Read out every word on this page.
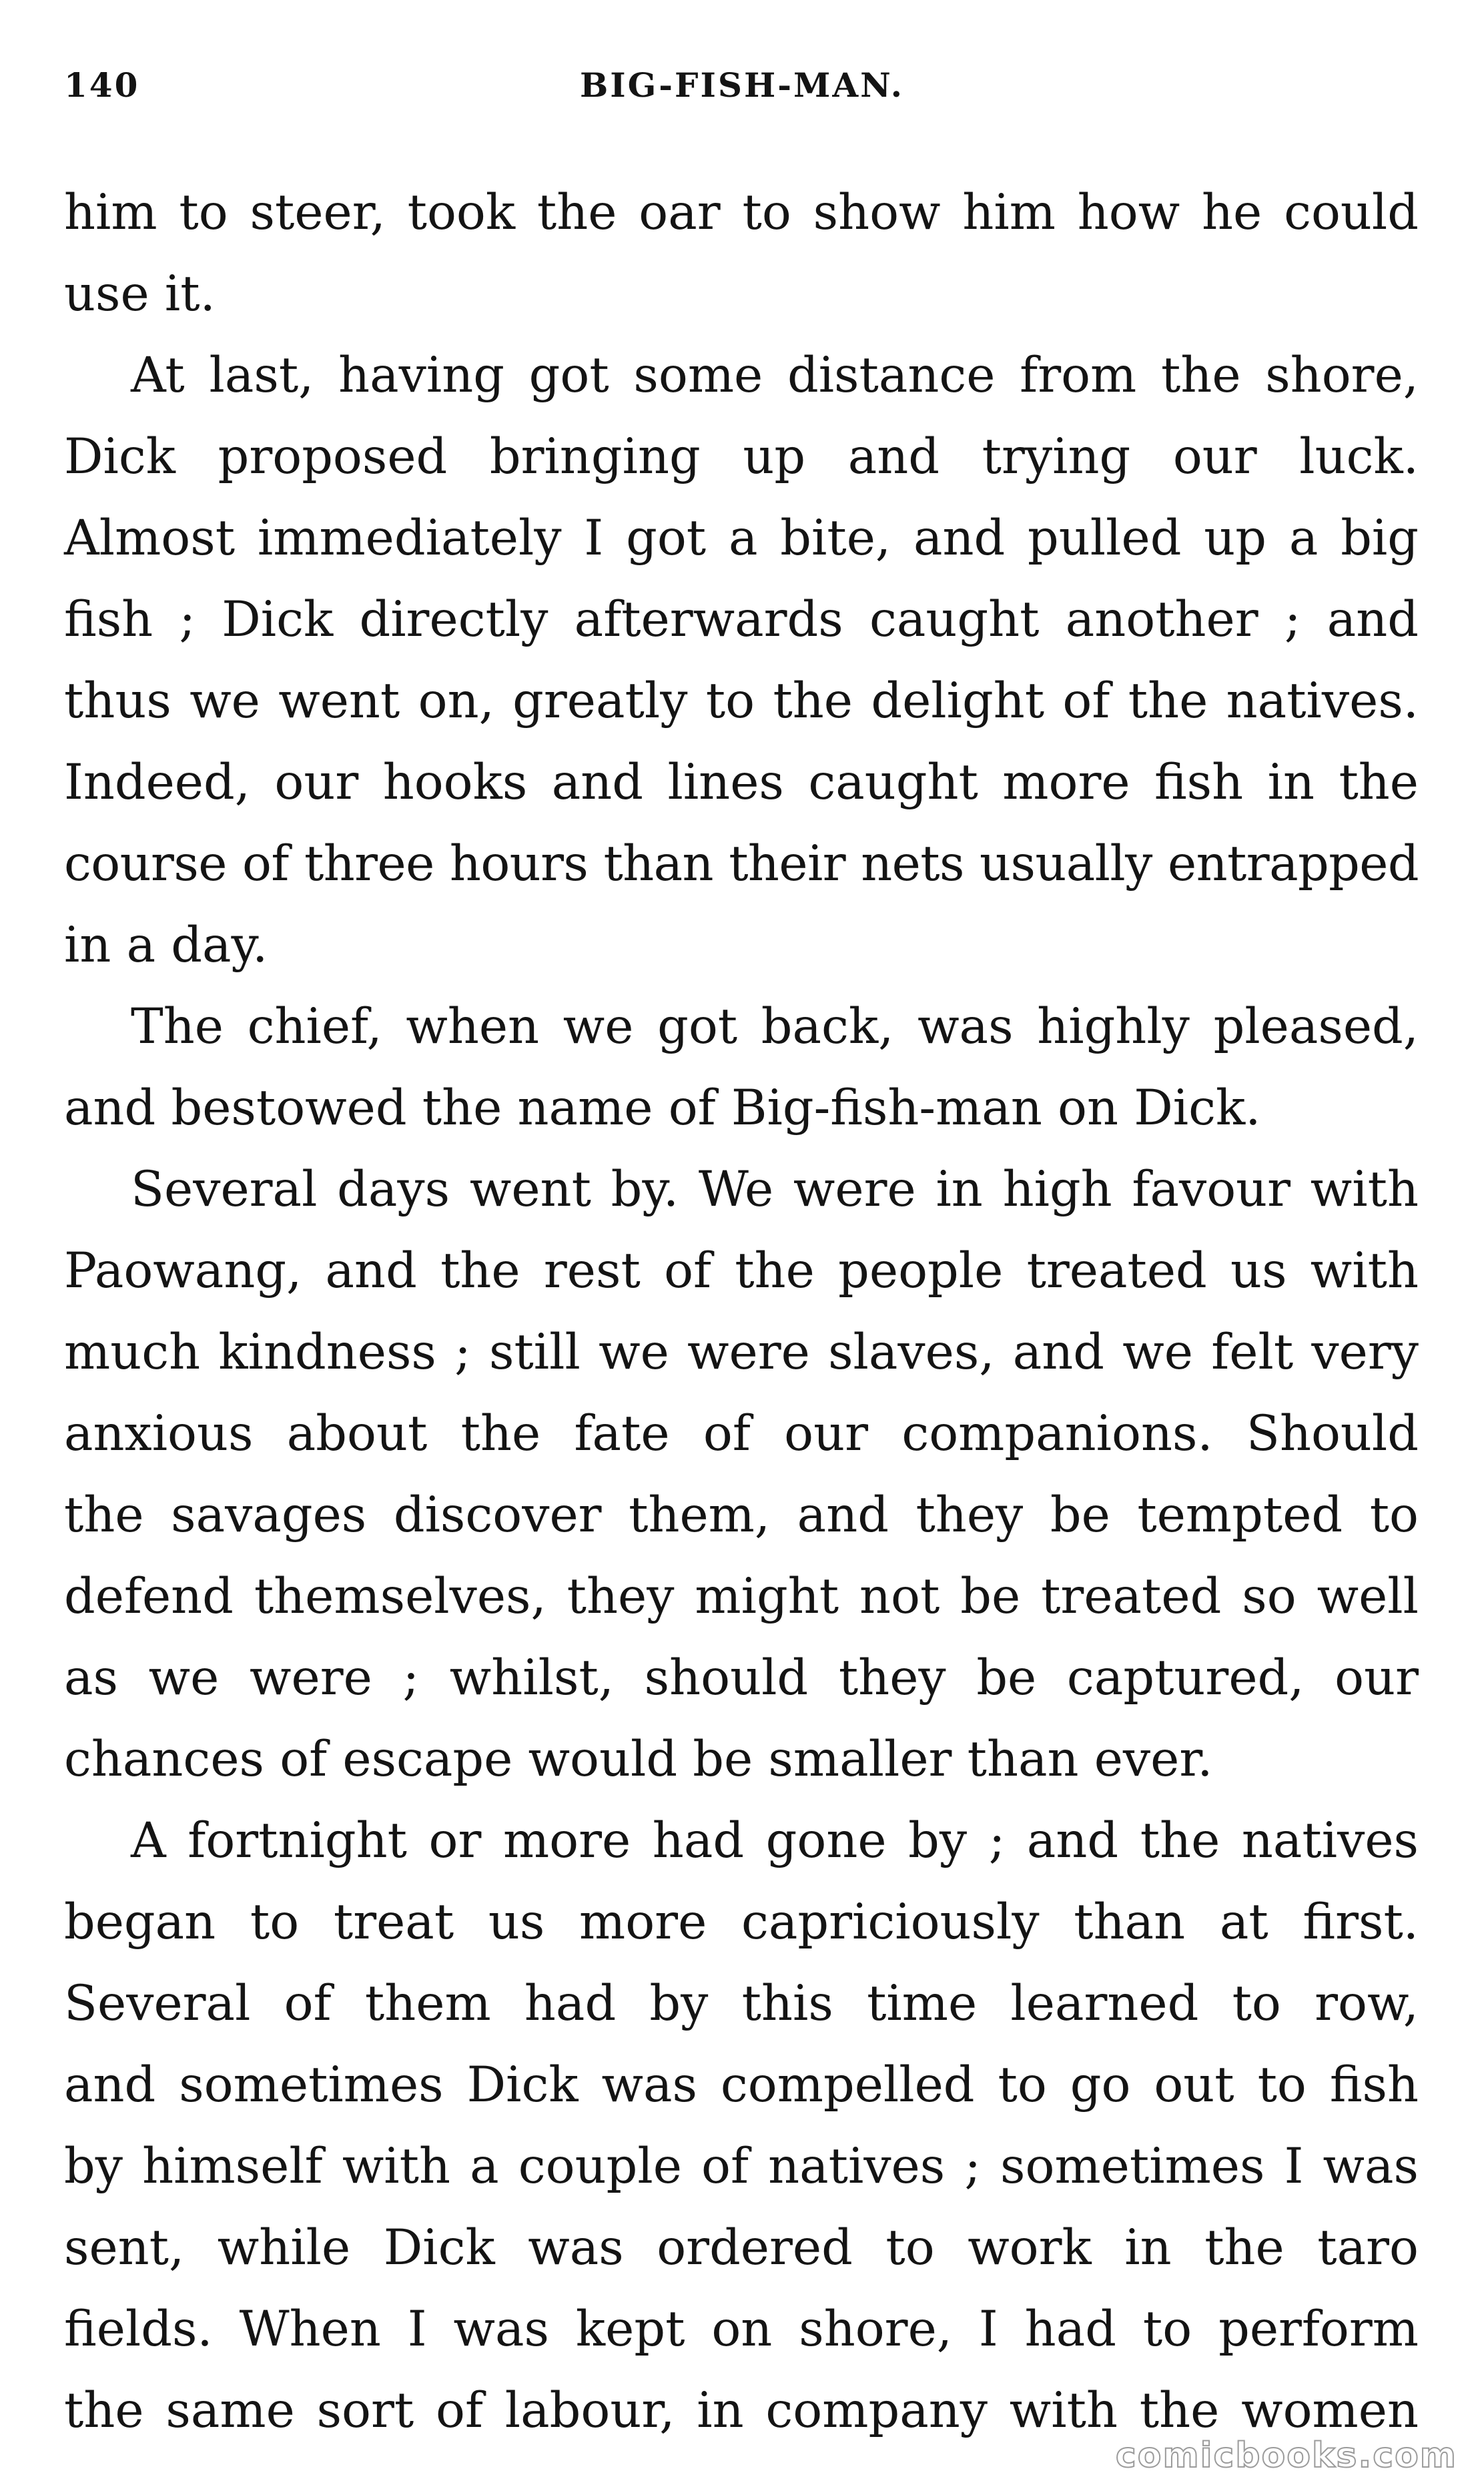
140	BIG-FISH-MAN.
him to steer, took the oar to show him how he could
use it.
At last, having got some distance from the shore,
Dick proposed bringing up and trying our luck.
Almost immediately I got a bite, and pulled up a big
fish ; Dick directly afterwards caught another ; and
thus we went on, greatly to the delight of the natives.
Indeed, our hooks and lines caught more fish in the
course of three hours than their nets usually entrapped
in a day.
The chief, when we got back, was highly pleased,
and bestowed the name of Big-fish-man on Dick.
Several days went by. We were in high favour with
Paowang, and the rest of the people treated us with
much kindness ; still we were slaves, and we felt very
anxious about the fate of our companions. Should
the savages discover them, and they be tempted to
defend themselves, they might not be treated so well
as we were ; whilst, should they be captured, our
chances of escape would be smaller than ever.
A fortnight or more had gone by ; and the natives
began to treat us more capriciously than at first.
Several of them had by this time learned to row,
and sometimes Dick was compelled to go out to fish
by himself with a couple of natives ; sometimes I was
sent, while Dick was ordered to work in the taro
fields. When I was kept on shore, I had to perform
the same sort of labour, in company with the women
comicbooks.com
